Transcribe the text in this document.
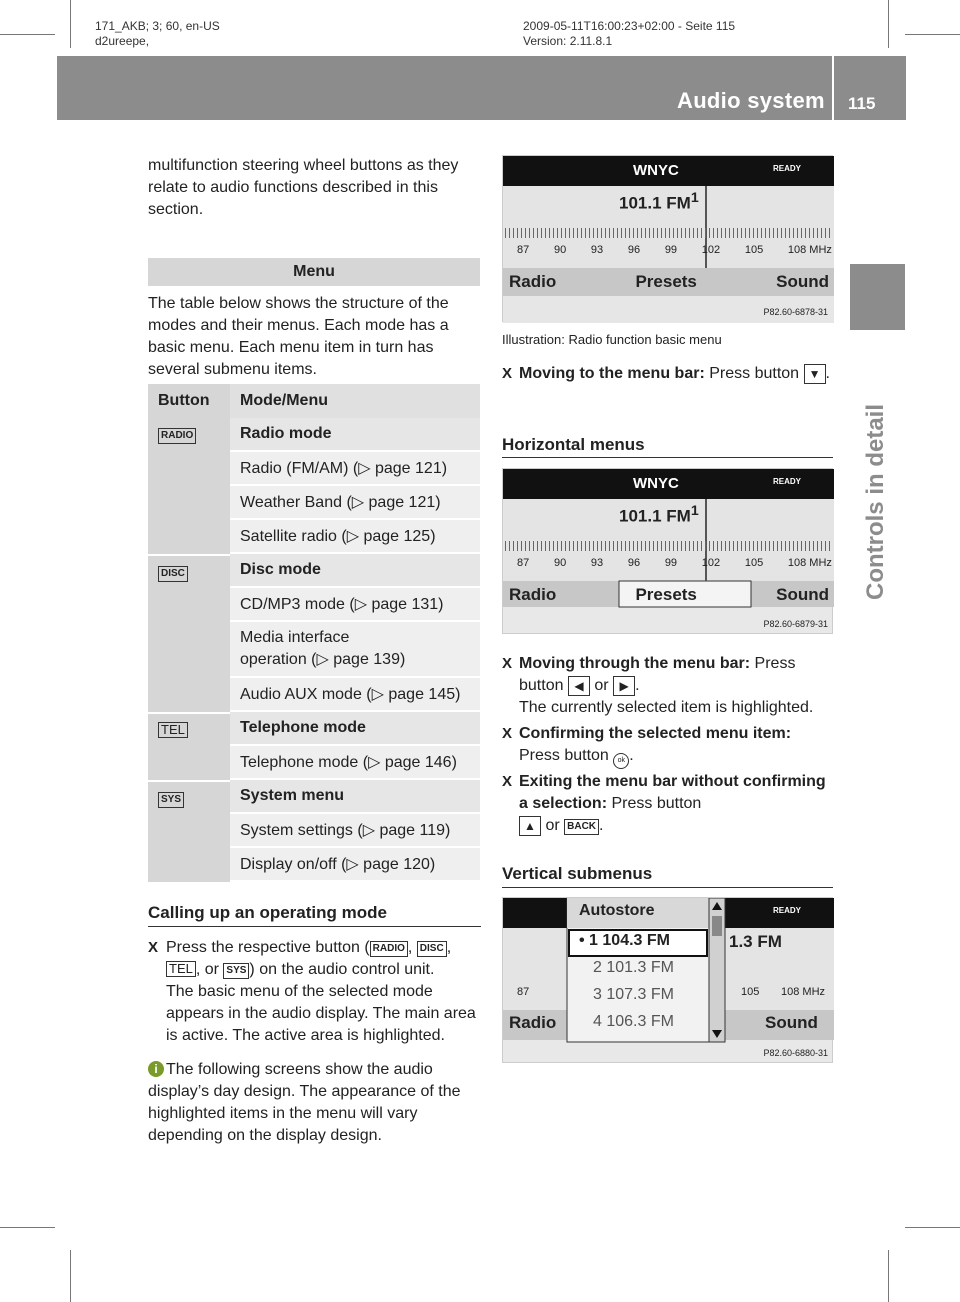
171_AKB; 3; 60, en-US
d2ureepe,
2009-05-11T16:00:23+02:00 - Seite 115
Version: 2.11.8.1
Audio system 115
Controls in detail

multifunction steering wheel buttons as they relate to audio functions described in this section.

Menu

The table below shows the structure of the modes and their menus. Each mode has a basic menu. Each menu item in turn has several submenu items.

Button	Mode/Menu
RADIO	Radio mode
	Radio (FM/AM) (▷ page 121)
	Weather Band (▷ page 121)
	Satellite radio (▷ page 125)
DISC	Disc mode
	CD/MP3 mode (▷ page 131)
	Media interface operation (▷ page 139)
	Audio AUX mode (▷ page 145)
TEL	Telephone mode
	Telephone mode (▷ page 146)
SYS	System menu
	System settings (▷ page 119)
	Display on/off (▷ page 120)
Calling up an operating mode
X Press the respective button ( RADIO , DISC , TEL , or SYS ) on the audio control unit.
The basic menu of the selected mode appears in the audio display. The main area is active. The active area is highlighted.
i The following screens show the audio display’s day design. The appearance of the highlighted items in the menu will vary depending on the display design.

WNYC	READY
101.1 $FM^1$
87 90 93 96 99 102 105 108 MHz
Radio	Presets	Sound
P82.60-6878-31
Illustration: Radio function basic menu
X Moving to the menu bar: Press button ▼ .
Horizontal menus
WNYC	READY
101.1 $FM^1$
87 90 93 96 99 102 105 108 MHz
Radio	Presets	Sound
P82.60-6879-31
X Moving through the menu bar: Press button ◀ or ▶ .
The currently selected item is highlighted.
X Confirming the selected menu item:
Press button ok .
X Exiting the menu bar without confirming a selection: Press button
▲ or BACK .
Vertical submenus
Autostore	READY
• 1 104.3 FM
2 101.3 FM
3 107.3 FM
4 106.3 FM
1.3 FM
87	105 108 MHz
Radio	Sound
P82.60-6880-31
